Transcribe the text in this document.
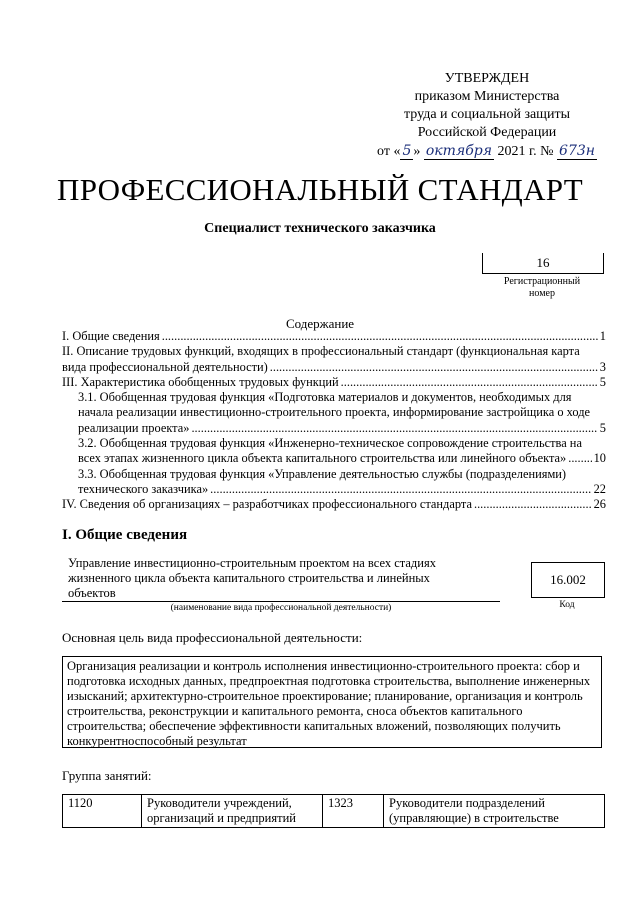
УТВЕРЖДЕН
приказом Министерства
труда и социальной защиты
Российской Федерации
от « 5 » октября 2021 г. № 673н
ПРОФЕССИОНАЛЬНЫЙ СТАНДАРТ
Специалист технического заказчика
16
Регистрационный
номер
Содержание
I. Общие сведения .....	1
II. Описание трудовых функций, входящих в профессиональный стандарт (функциональная карта
вида профессиональной деятельности) .....	3
III. Характеристика обобщенных трудовых функций .....	5
3.1. Обобщенная трудовая функция «Подготовка материалов и документов, необходимых для
начала реализации инвестиционно-строительного проекта, информирование застройщика о ходе
реализации проекта» .....	5
3.2. Обобщенная трудовая функция «Инженерно-техническое сопровождение строительства на
всех этапах жизненного цикла объекта капитального строительства или линейного объекта» ..... 10
3.3. Обобщенная трудовая функция «Управление деятельностью службы (подразделениями)
технического заказчика» .....	22
IV. Сведения об организациях – разработчиках профессионального стандарта .....	26
I. Общие сведения
Управление инвестиционно-строительным проектом на всех стадиях жизненного цикла объекта капитального строительства и линейных объектов
(наименование вида профессиональной деятельности)
16.002
Код
Основная цель вида профессиональной деятельности:
Организация реализации и контроль исполнения инвестиционно-строительного проекта: сбор и подготовка исходных данных, предпроектная подготовка строительства, выполнение инженерных изысканий; архитектурно-строительное проектирование; планирование, организация и контроль строительства, реконструкции и капитального ремонта, сноса объектов капитального строительства; обеспечение эффективности капитальных вложений, позволяющих получить конкурентноспособный результат
Группа занятий:
1120	Руководители учреждений, организаций и предприятий	1323	Руководители подразделений (управляющие) в строительстве
